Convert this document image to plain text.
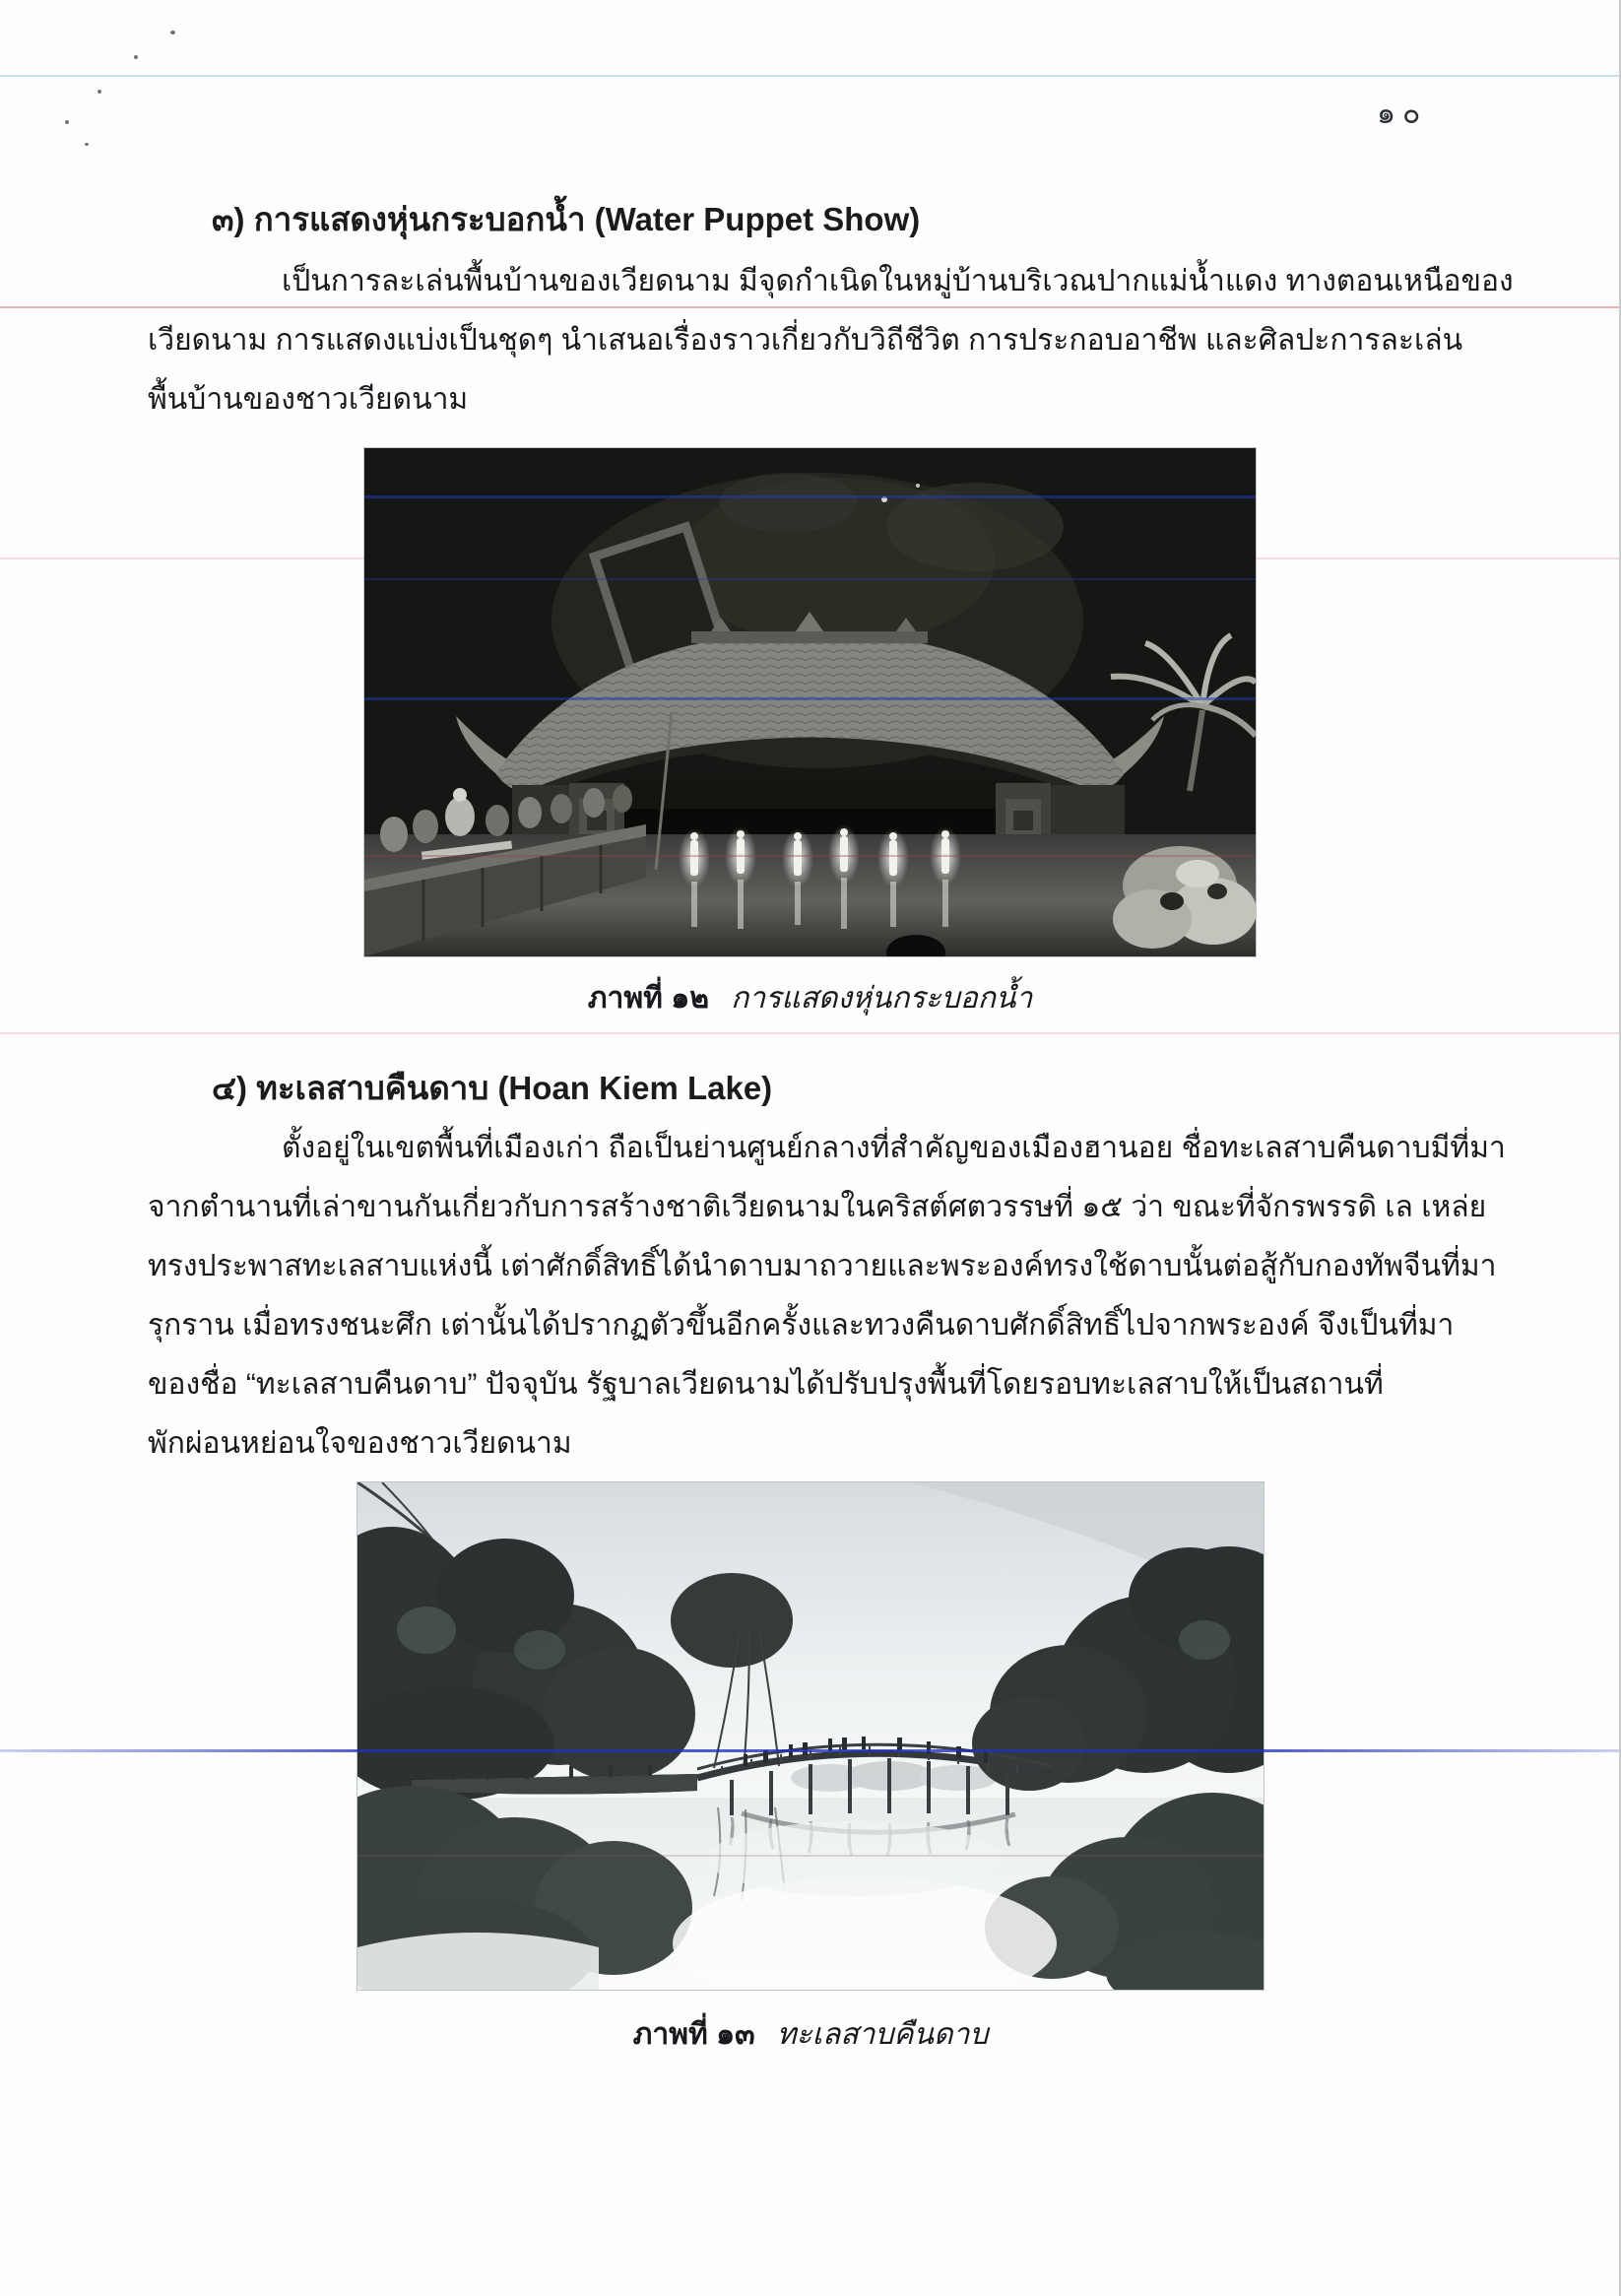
๑๐
๓) การแสดงหุ่นกระบอกน้ำ (Water Puppet Show)
เป็นการละเล่นพื้นบ้านของเวียดนาม มีจุดกำเนิดในหมู่บ้านบริเวณปากแม่น้ำแดง ทางตอนเหนือของ
เวียดนาม การแสดงแบ่งเป็นชุดๆ นำเสนอเรื่องราวเกี่ยวกับวิถีชีวิต การประกอบอาชีพ และศิลปะการละเล่น
พื้นบ้านของชาวเวียดนาม
ภาพที่ ๑๒ การแสดงหุ่นกระบอกน้ำ
๔) ทะเลสาบคืนดาบ (Hoan Kiem Lake)
ตั้งอยู่ในเขตพื้นที่เมืองเก่า ถือเป็นย่านศูนย์กลางที่สำคัญของเมืองฮานอย ชื่อทะเลสาบคืนดาบมีที่มา
จากตำนานที่เล่าขานกันเกี่ยวกับการสร้างชาติเวียดนามในคริสต์ศตวรรษที่ ๑๕ ว่า ขณะที่จักรพรรดิ เล เหล่ย
ทรงประพาสทะเลสาบแห่งนี้ เต่าศักดิ์สิทธิ์ได้นำดาบมาถวายและพระองค์ทรงใช้ดาบนั้นต่อสู้กับกองทัพจีนที่มา
รุกราน เมื่อทรงชนะศึก เต่านั้นได้ปรากฏตัวขึ้นอีกครั้งและทวงคืนดาบศักดิ์สิทธิ์ไปจากพระองค์ จึงเป็นที่มา
ของชื่อ “ทะเลสาบคืนดาบ” ปัจจุบัน รัฐบาลเวียดนามได้ปรับปรุงพื้นที่โดยรอบทะเลสาบให้เป็นสถานที่
พักผ่อนหย่อนใจของชาวเวียดนาม
ภาพที่ ๑๓ ทะเลสาบคืนดาบ
